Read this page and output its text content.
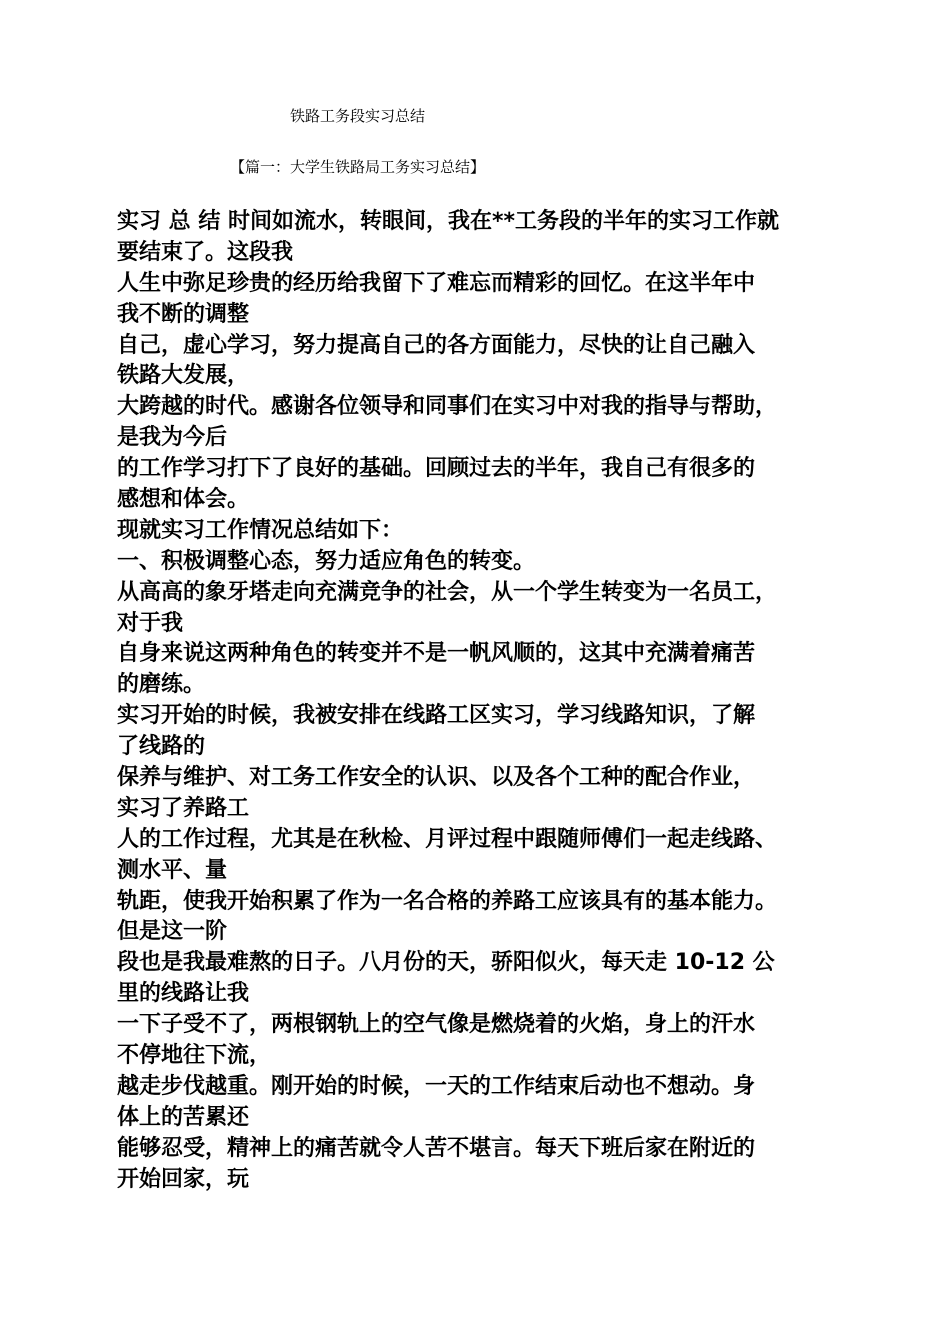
铁路工务段实习总结
【篇一：大学生铁路局工务实习总结】
实习 总 结 时间如流水，转眼间，我在**工务段的半年的实习工作就
要结束了。这段我
人生中弥足珍贵的经历给我留下了难忘而精彩的回忆。在这半年中
我不断的调整
自己，虚心学习，努力提高自己的各方面能力，尽快的让自己融入
铁路大发展，
大跨越的时代。感谢各位领导和同事们在实习中对我的指导与帮助，
是我为今后
的工作学习打下了良好的基础。回顾过去的半年，我自己有很多的
感想和体会。
现就实习工作情况总结如下：
一、积极调整心态，努力适应角色的转变。
从高高的象牙塔走向充满竞争的社会，从一个学生转变为一名员工，
对于我
自身来说这两种角色的转变并不是一帆风顺的，这其中充满着痛苦
的磨练。
实习开始的时候，我被安排在线路工区实习，学习线路知识，了解
了线路的
保养与维护、对工务工作安全的认识、以及各个工种的配合作业，
实习了养路工
人的工作过程，尤其是在秋检、月评过程中跟随师傅们一起走线路、
测水平、量
轨距，使我开始积累了作为一名合格的养路工应该具有的基本能力。
但是这一阶
段也是我最难熬的日子。八月份的天，骄阳似火，每天走 10-12 公
里的线路让我
一下子受不了，两根钢轨上的空气像是燃烧着的火焰，身上的汗水
不停地往下流，
越走步伐越重。刚开始的时候，一天的工作结束后动也不想动。身
体上的苦累还
能够忍受，精神上的痛苦就令人苦不堪言。每天下班后家在附近的
开始回家，玩
